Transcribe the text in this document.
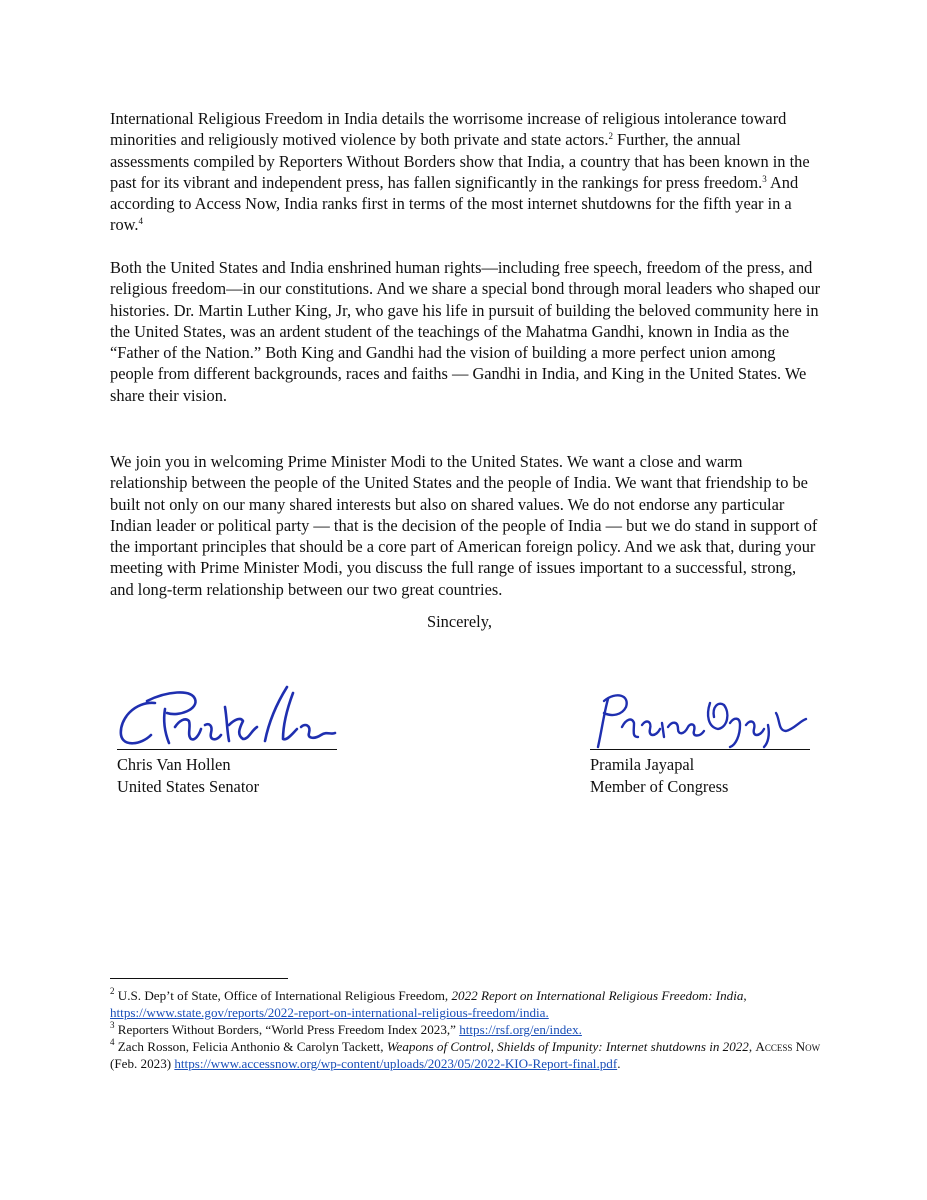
International Religious Freedom in India details the worrisome increase of religious intolerance toward minorities and religiously motived violence by both private and state actors.$^2$ Further, the annual assessments compiled by Reporters Without Borders show that India, a country that has been known in the past for its vibrant and independent press, has fallen significantly in the rankings for press freedom.$^3$ And according to Access Now, India ranks first in terms of the most internet shutdowns for the fifth year in a row.$^4$

Both the United States and India enshrined human rights—including free speech, freedom of the press, and religious freedom—in our constitutions. And we share a special bond through moral leaders who shaped our histories. Dr. Martin Luther King, Jr, who gave his life in pursuit of building the beloved community here in the United States, was an ardent student of the teachings of the Mahatma Gandhi, known in India as the “Father of the Nation.” Both King and Gandhi had the vision of building a more perfect union among people from different backgrounds, races and faiths — Gandhi in India, and King in the United States. We share their vision.

We join you in welcoming Prime Minister Modi to the United States. We want a close and warm relationship between the people of the United States and the people of India. We want that friendship to be built not only on our many shared interests but also on shared values. We do not endorse any particular Indian leader or political party — that is the decision of the people of India — but we do stand in support of the important principles that should be a core part of American foreign policy. And we ask that, during your meeting with Prime Minister Modi, you discuss the full range of issues important to a successful, strong, and long-term relationship between our two great countries.

Sincerely,
Chris Van Hollen
United States Senator
Pramila Jayapal
Member of Congress

$^2$ U.S. Dep’t of State, Office of International Religious Freedom, 2022 Report on International Religious Freedom: India, https://www.state.gov/reports/2022-report-on-international-religious-freedom/india.

$^3$ Reporters Without Borders, “World Press Freedom Index 2023,” https://rsf.org/en/index.

$^4$ Zach Rosson, Felicia Anthonio & Carolyn Tackett, Weapons of Control, Shields of Impunity: Internet shutdowns in 2022, Access Now (Feb. 2023) https://www.accessnow.org/wp-content/uploads/2023/05/2022-KIO-Report-final.pdf.
